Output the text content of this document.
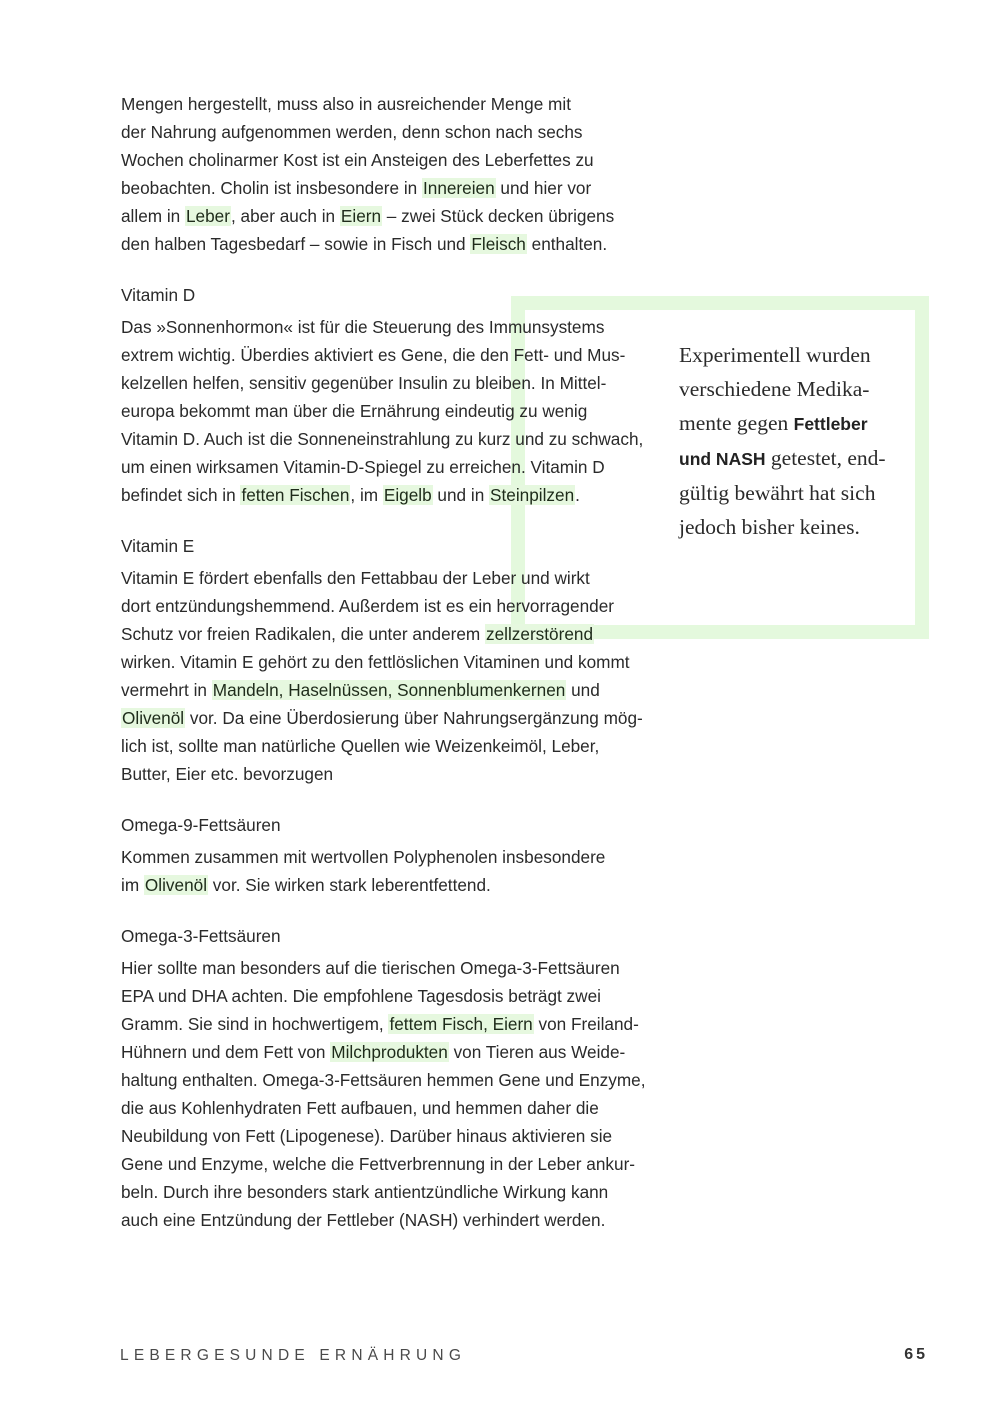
Mengen hergestellt, muss also in ausreichender Menge mit
der Nahrung aufgenommen werden, denn schon nach sechs
Wochen cholinarmer Kost ist ein Ansteigen des Leberfettes zu
beobachten. Cholin ist insbesondere in Innereien und hier vor
allem in Leber, aber auch in Eiern – zwei Stück decken übrigens
den halben Tagesbedarf – sowie in Fisch und Fleisch enthalten.
Vitamin D
Das »Sonnenhormon« ist für die Steuerung des Immunsystems
extrem wichtig. Überdies aktiviert es Gene, die den Fett- und Mus-
kelzellen helfen, sensitiv gegenüber Insulin zu bleiben. In Mittel-
europa bekommt man über die Ernährung eindeutig zu wenig
Vitamin D. Auch ist die Sonneneinstrahlung zu kurz und zu schwach,
um einen wirksamen Vitamin-D-Spiegel zu erreichen. Vitamin D
befindet sich in fetten Fischen, im Eigelb und in Steinpilzen.
Vitamin E
Vitamin E fördert ebenfalls den Fettabbau der Leber und wirkt
dort entzündungshemmend. Außerdem ist es ein hervorragender
Schutz vor freien Radikalen, die unter anderem zellzerstörend
wirken. Vitamin E gehört zu den fettlöslichen Vitaminen und kommt
vermehrt in Mandeln, Haselnüssen, Sonnenblumenkernen und
Olivenöl vor. Da eine Überdosierung über Nahrungsergänzung mög-
lich ist, sollte man natürliche Quellen wie Weizenkeimöl, Leber,
Butter, Eier etc. bevorzugen
Omega-9-Fettsäuren
Kommen zusammen mit wertvollen Polyphenolen insbesondere
im Olivenöl vor. Sie wirken stark leberentfettend.
Omega-3-Fettsäuren
Hier sollte man besonders auf die tierischen Omega-3-Fettsäuren
EPA und DHA achten. Die empfohlene Tagesdosis beträgt zwei
Gramm. Sie sind in hochwertigem, fettem Fisch, Eiern von Freiland-
Hühnern und dem Fett von Milchprodukten von Tieren aus Weide-
haltung enthalten. Omega-3-Fettsäuren hemmen Gene und Enzyme,
die aus Kohlenhydraten Fett aufbauen, und hemmen daher die
Neubildung von Fett (Lipogenese). Darüber hinaus aktivieren sie
Gene und Enzyme, welche die Fettverbrennung in der Leber ankur-
beln. Durch ihre besonders stark antientzündliche Wirkung kann
auch eine Entzündung der Fettleber (NASH) verhindert werden.
Experimentell wurden
verschiedene Medika-
mente gegen Fettleber
und NASH getestet, end-
gültig bewährt hat sich
jedoch bisher keines.
LEBERGESUNDE ERNÄHRUNG	65
